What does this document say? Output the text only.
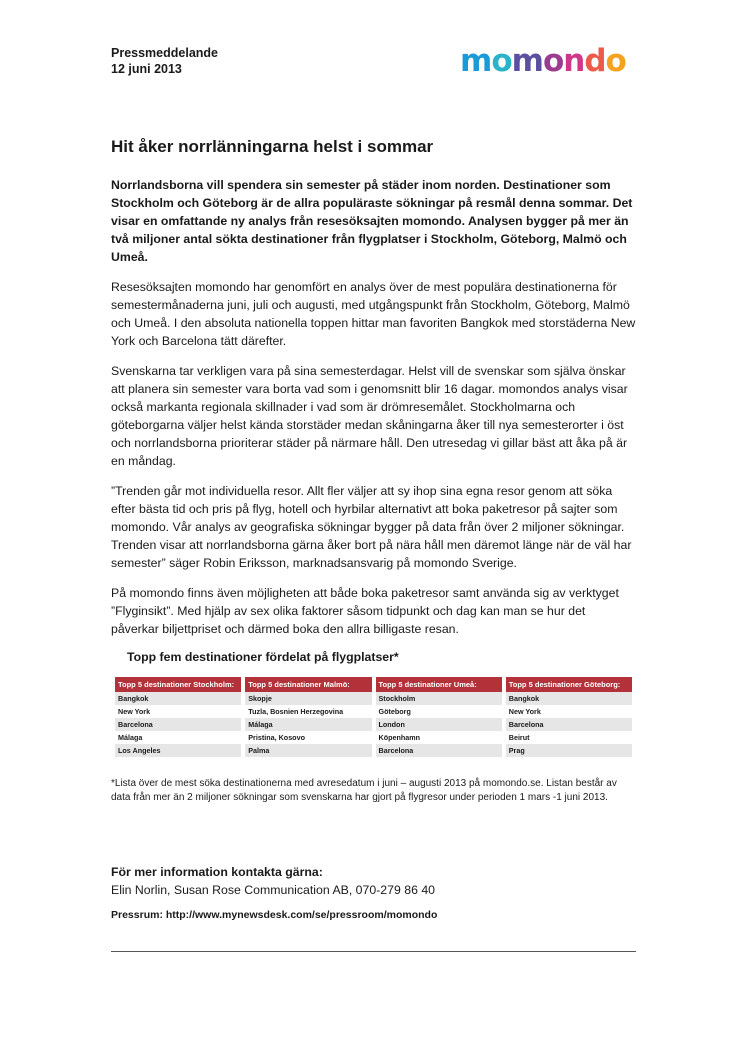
Pressmeddelande
12 juni 2013	momondo
Hit åker norrlänningarna helst i sommar

Norrlandsborna vill spendera sin semester på städer inom norden. Destinationer som Stockholm och Göteborg är de allra populäraste sökningar på resmål denna sommar. Det visar en omfattande ny analys från resesöksajten momondo. Analysen bygger på mer än två miljoner antal sökta destinationer från flygplatser i Stockholm, Göteborg, Malmö och Umeå.

Resesöksajten momondo har genomfört en analys över de mest populära destinationerna för semestermånaderna juni, juli och augusti, med utgångspunkt från Stockholm, Göteborg, Malmö och Umeå. I den absoluta nationella toppen hittar man favoriten Bangkok med storstäderna New York och Barcelona tätt därefter.

Svenskarna tar verkligen vara på sina semesterdagar. Helst vill de svenskar som själva önskar att planera sin semester vara borta vad som i genomsnitt blir 16 dagar. momondos analys visar också markanta regionala skillnader i vad som är drömresemålet. Stockholmarna och göteborgarna väljer helst kända storstäder medan skåningarna åker till nya semesterorter i öst och norrlandsborna prioriterar städer på närmare håll. Den utresedag vi gillar bäst att åka på är en måndag.

”Trenden går mot individuella resor. Allt fler väljer att sy ihop sina egna resor genom att söka efter bästa tid och pris på flyg, hotell och hyrbilar alternativt att boka paketresor på sajter som momondo. Vår analys av geografiska sökningar bygger på data från över 2 miljoner sökningar. Trenden visar att norrlandsborna gärna åker bort på nära håll men däremot länge när de väl har semester” säger Robin Eriksson, marknadsansvarig på momondo Sverige.

På momondo finns även möjligheten att både boka paketresor samt använda sig av verktyget ”Flyginsikt”. Med hjälp av sex olika faktorer såsom tidpunkt och dag kan man se hur det påverkar biljettpriset och därmed boka den allra billigaste resan.

Topp fem destinationer fördelat på flygplatser*
Topp 5 destinationer Stockholm:	Topp 5 destinationer Malmö:	Topp 5 destinationer Umeå:	Topp 5 destinationer Göteborg:
Bangkok	Skopje	Stockholm	Bangkok
New York	Tuzla, Bosnien Herzegovina	Göteborg	New York
Barcelona	Málaga	London	Barcelona
Málaga	Pristina, Kosovo	Köpenhamn	Beirut
Los Angeles	Palma	Barcelona	Prag
*Lista över de mest söka destinationerna med avresedatum i juni – augusti 2013 på momondo.se. Listan består av data från mer än 2 miljoner sökningar som svenskarna har gjort på flygresor under perioden 1 mars -1 juni 2013.
För mer information kontakta gärna:
Elin Norlin, Susan Rose Communication AB, 070-279 86 40
Pressrum: http://www.mynewsdesk.com/se/pressroom/momondo
